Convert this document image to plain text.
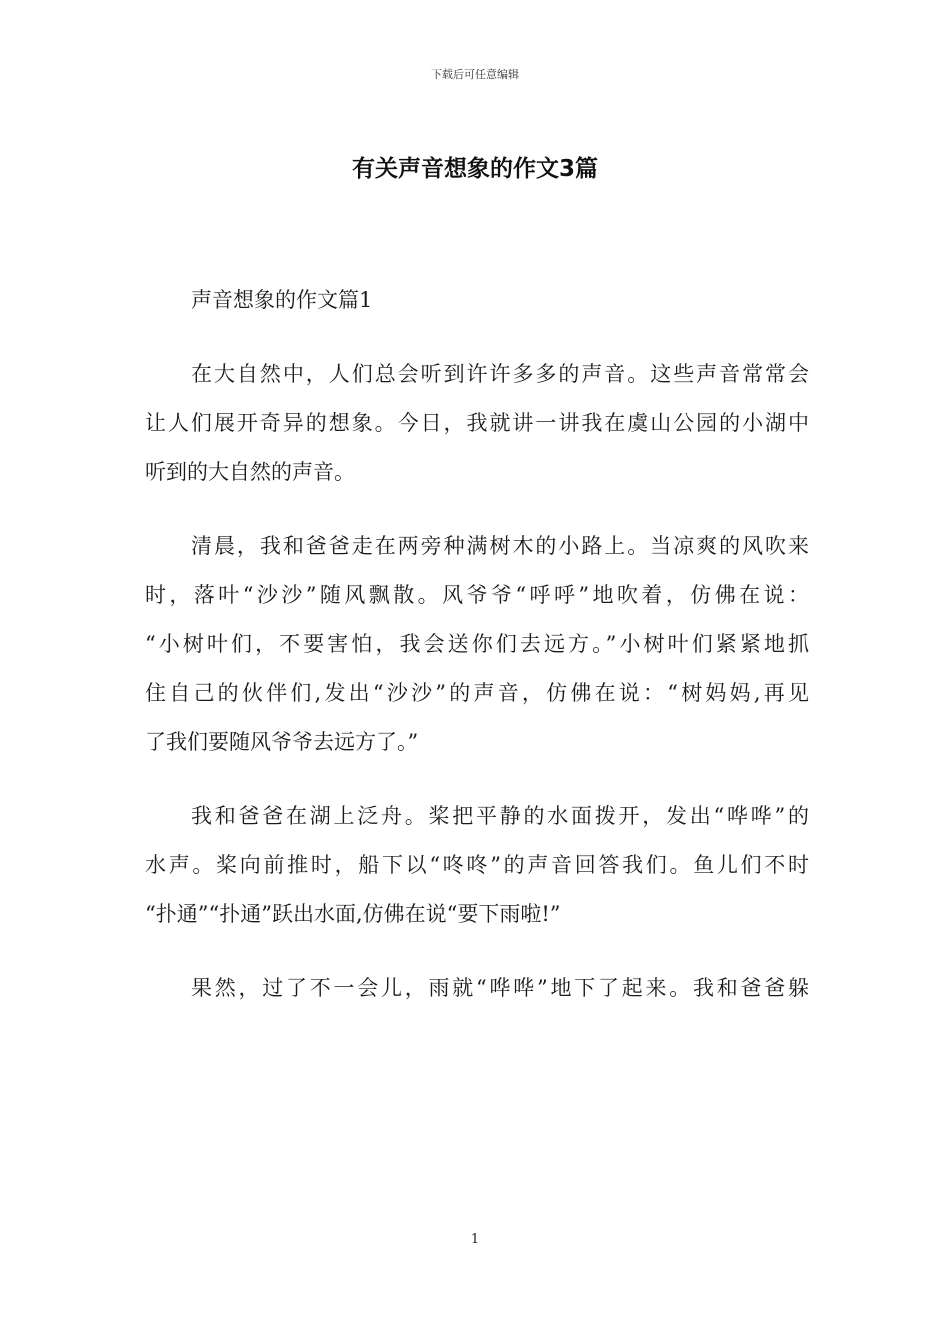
下载后可任意编辑
有关声音想象的作文3篇
声音想象的作文篇1
在大自然中，人们总会听到许许多多的声音。这些声音常常会
让人们展开奇异的想象。今日，我就讲一讲我在虞山公园的小湖中
听到的大自然的声音。
清晨，我和爸爸走在两旁种满树木的小路上。当凉爽的风吹来
时，落叶“沙沙”随风飘散。风爷爷“呼呼”地吹着，仿佛在说：
“小树叶们，不要害怕，我会送你们去远方。”小树叶们紧紧地抓
住自己的伙伴们,发出“沙沙”的声音，仿佛在说：“树妈妈,再见
了我们要随风爷爷去远方了。”
我和爸爸在湖上泛舟。桨把平静的水面拨开，发出“哗哗”的
水声。桨向前推时，船下以“咚咚”的声音回答我们。鱼儿们不时
“扑通”“扑通”跃出水面,仿佛在说“要下雨啦!”
果然，过了不一会儿，雨就“哗哗”地下了起来。我和爸爸躲
1
